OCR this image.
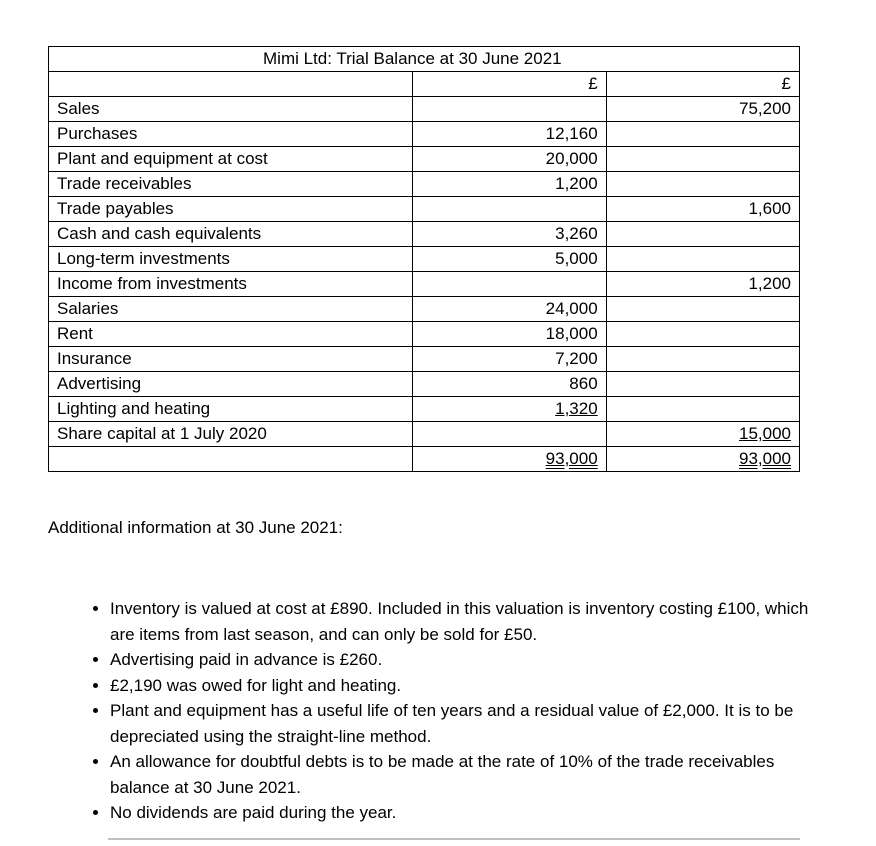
Mimi Ltd: Trial Balance at 30 June 2021		
	£	£
Sales		75,200
Purchases	12,160	
Plant and equipment at cost	20,000	
Trade receivables	1,200	
Trade payables		1,600
Cash and cash equivalents	3,260	
Long-term investments	5,000	
Income from investments		1,200
Salaries	24,000	
Rent	18,000	
Insurance	7,200	
Advertising	860	
Lighting and heating	1,320	
Share capital at 1 July 2020		15,000
	93,000	93,000
Additional information at 30 June 2021:
• Inventory is valued at cost at £890. Included in this valuation is inventory costing £100, which are items from last season, and can only be sold for £50.
• Advertising paid in advance is £260.
• £2,190 was owed for light and heating.
• Plant and equipment has a useful life of ten years and a residual value of £2,000. It is to be depreciated using the straight-line method.
• An allowance for doubtful debts is to be made at the rate of 10% of the trade receivables balance at 30 June 2021.
• No dividends are paid during the year.
